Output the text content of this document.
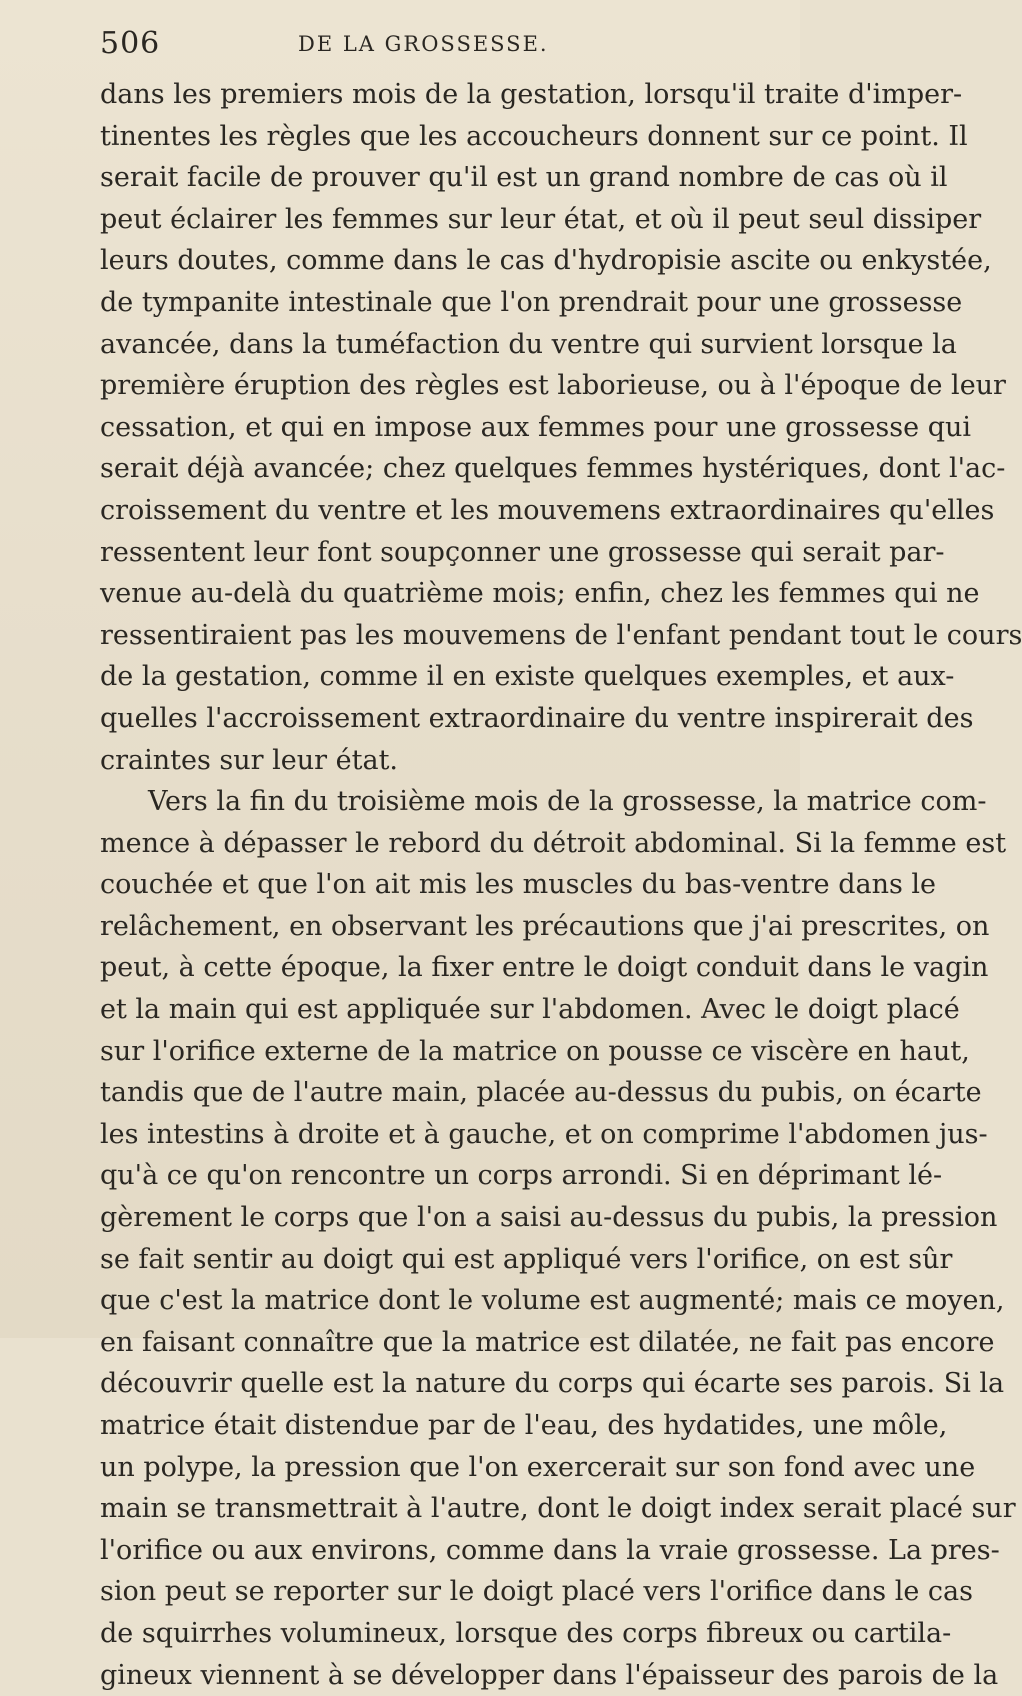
506	DE LA GROSSESSE.
dans les premiers mois de la gestation, lorsqu'il traite d'imper-
tinentes les règles que les accoucheurs donnent sur ce point. Il
serait facile de prouver qu'il est un grand nombre de cas où il
peut éclairer les femmes sur leur état, et où il peut seul dissiper
leurs doutes, comme dans le cas d'hydropisie ascite ou enkystée,
de tympanite intestinale que l'on prendrait pour une grossesse
avancée, dans la tuméfaction du ventre qui survient lorsque la
première éruption des règles est laborieuse, ou à l'époque de leur
cessation, et qui en impose aux femmes pour une grossesse qui
serait déjà avancée; chez quelques femmes hystériques, dont l'ac-
croissement du ventre et les mouvemens extraordinaires qu'elles
ressentent leur font soupçonner une grossesse qui serait par-
venue au-delà du quatrième mois; enfin, chez les femmes qui ne
ressentiraient pas les mouvemens de l'enfant pendant tout le cours
de la gestation, comme il en existe quelques exemples, et aux-
quelles l'accroissement extraordinaire du ventre inspirerait des
craintes sur leur état.
Vers la fin du troisième mois de la grossesse, la matrice com-
mence à dépasser le rebord du détroit abdominal. Si la femme est
couchée et que l'on ait mis les muscles du bas-ventre dans le
relâchement, en observant les précautions que j'ai prescrites, on
peut, à cette époque, la fixer entre le doigt conduit dans le vagin
et la main qui est appliquée sur l'abdomen. Avec le doigt placé
sur l'orifice externe de la matrice on pousse ce viscère en haut,
tandis que de l'autre main, placée au-dessus du pubis, on écarte
les intestins à droite et à gauche, et on comprime l'abdomen jus-
qu'à ce qu'on rencontre un corps arrondi. Si en déprimant lé-
gèrement le corps que l'on a saisi au-dessus du pubis, la pression
se fait sentir au doigt qui est appliqué vers l'orifice, on est sûr
que c'est la matrice dont le volume est augmenté; mais ce moyen,
en faisant connaître que la matrice est dilatée, ne fait pas encore
découvrir quelle est la nature du corps qui écarte ses parois. Si la
matrice était distendue par de l'eau, des hydatides, une môle,
un polype, la pression que l'on exercerait sur son fond avec une
main se transmettrait à l'autre, dont le doigt index serait placé sur
l'orifice ou aux environs, comme dans la vraie grossesse. La pres-
sion peut se reporter sur le doigt placé vers l'orifice dans le cas
de squirrhes volumineux, lorsque des corps fibreux ou cartila-
gineux viennent à se développer dans l'épaisseur des parois de la
